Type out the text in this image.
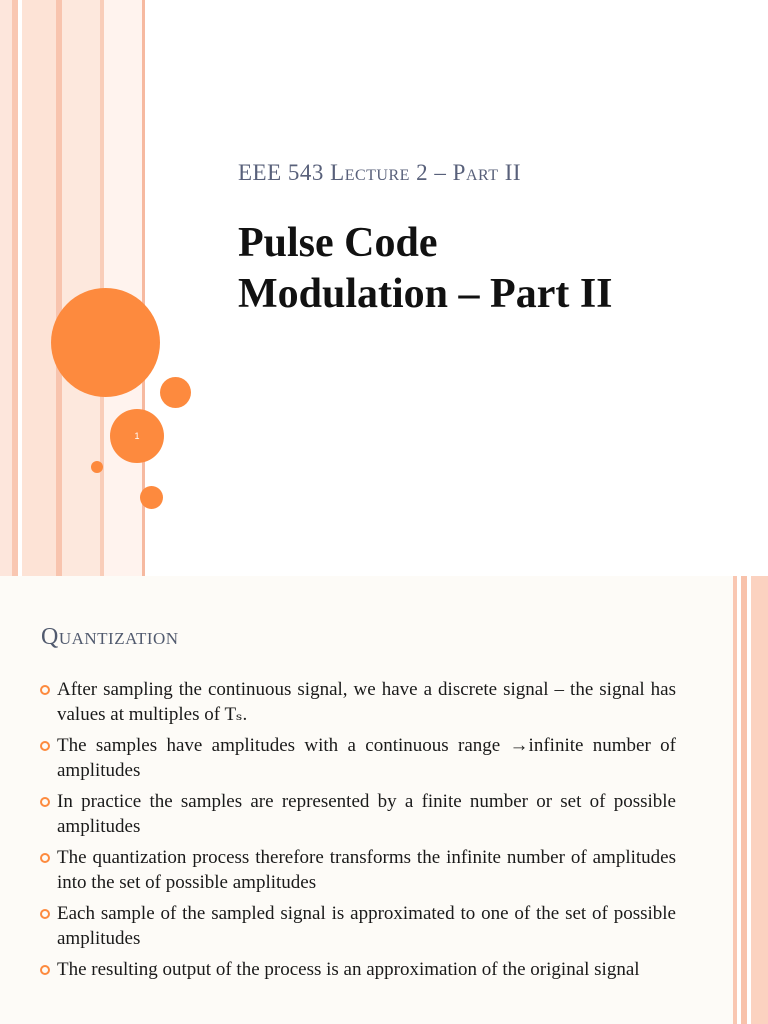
1
EEE 543 Lecture 2 – Part II
Pulse Code
Modulation – Part II
Quantization
After sampling the continuous signal, we have a discrete signal – the signal has values at multiples of Tₛ.
The samples have amplitudes with a continuous range →infinite number of amplitudes
In practice the samples are represented by a finite number or set of possible amplitudes
The quantization process therefore transforms the infinite number of amplitudes into the set of possible amplitudes
Each sample of the sampled signal is approximated to one of the set of possible amplitudes
The resulting output of the process is an approximation of the original signal
